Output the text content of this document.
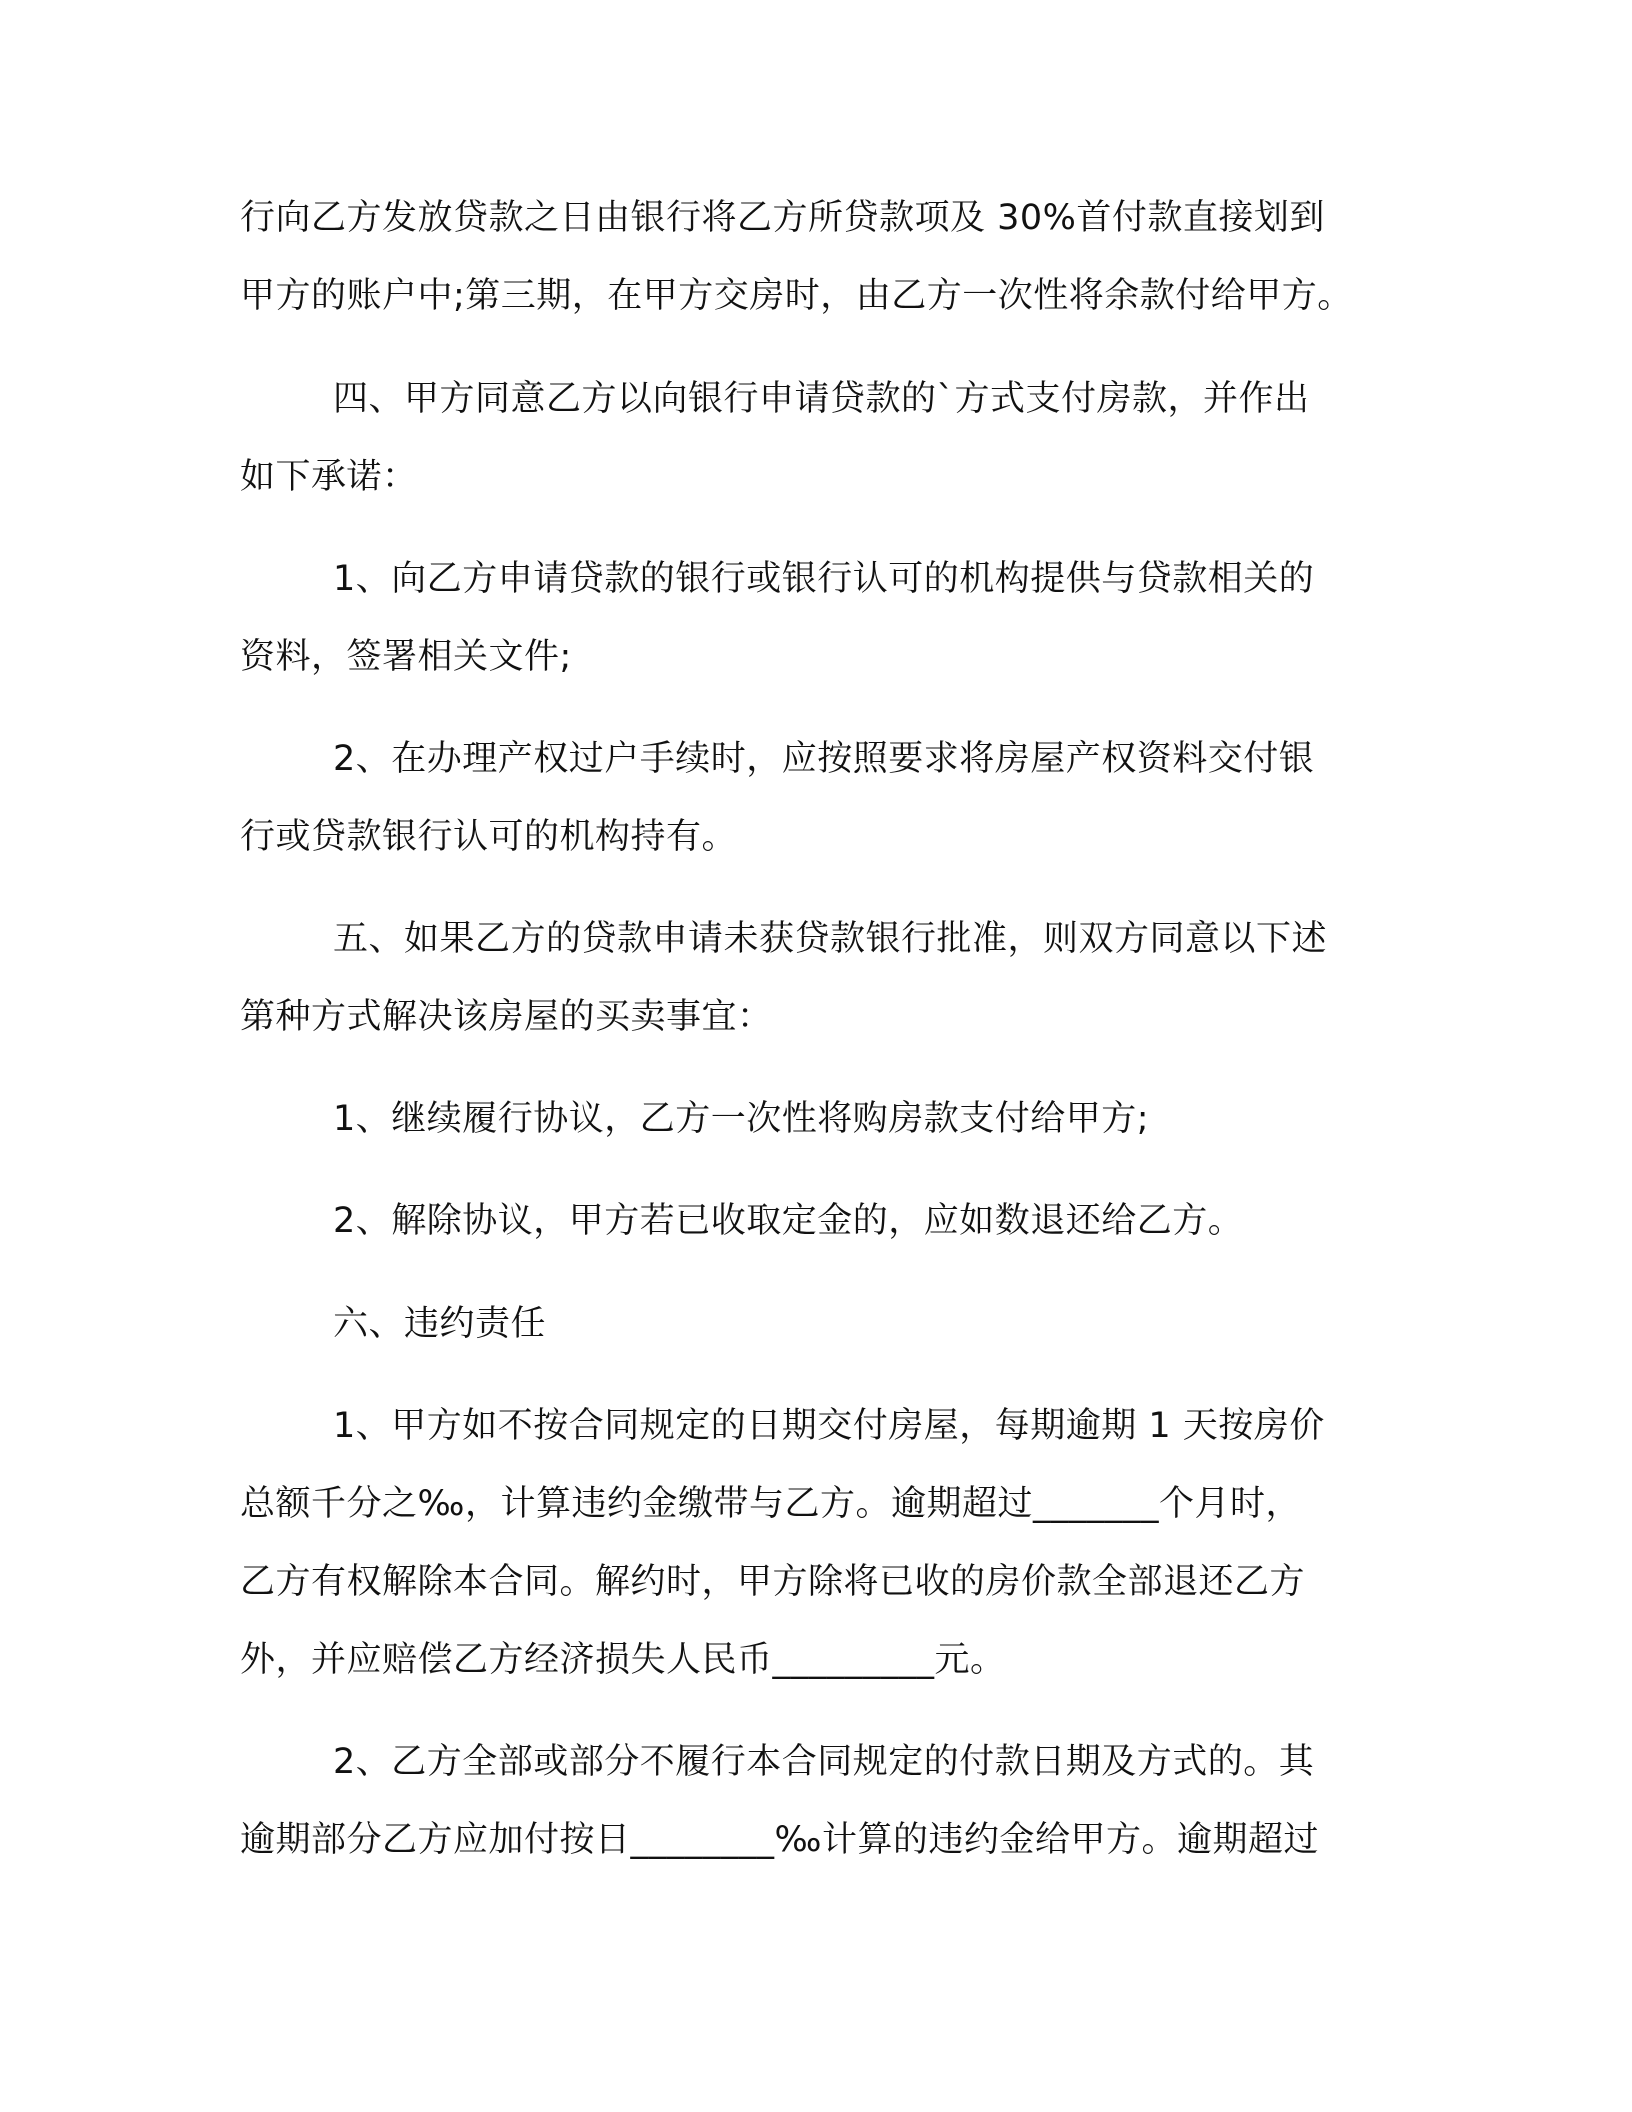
行向乙方发放贷款之日由银行将乙方所贷款项及 30%首付款直接划到
甲方的账户中;第三期，在甲方交房时，由乙方一次性将余款付给甲方。
四、甲方同意乙方以向银行申请贷款的`方式支付房款，并作出
如下承诺：
1、向乙方申请贷款的银行或银行认可的机构提供与贷款相关的
资料，签署相关文件;
2、在办理产权过户手续时，应按照要求将房屋产权资料交付银
行或贷款银行认可的机构持有。
五、如果乙方的贷款申请未获贷款银行批准，则双方同意以下述
第种方式解决该房屋的买卖事宜：
1、继续履行协议，乙方一次性将购房款支付给甲方;
2、解除协议，甲方若已收取定金的，应如数退还给乙方。
六、违约责任
1、甲方如不按合同规定的日期交付房屋，每期逾期 1 天按房价
总额千分之‰，计算违约金缴带与乙方。逾期超过_______个月时，
乙方有权解除本合同。解约时，甲方除将已收的房价款全部退还乙方
外，并应赔偿乙方经济损失人民币_________元。
2、乙方全部或部分不履行本合同规定的付款日期及方式的。其
逾期部分乙方应加付按日________‰计算的违约金给甲方。逾期超过
